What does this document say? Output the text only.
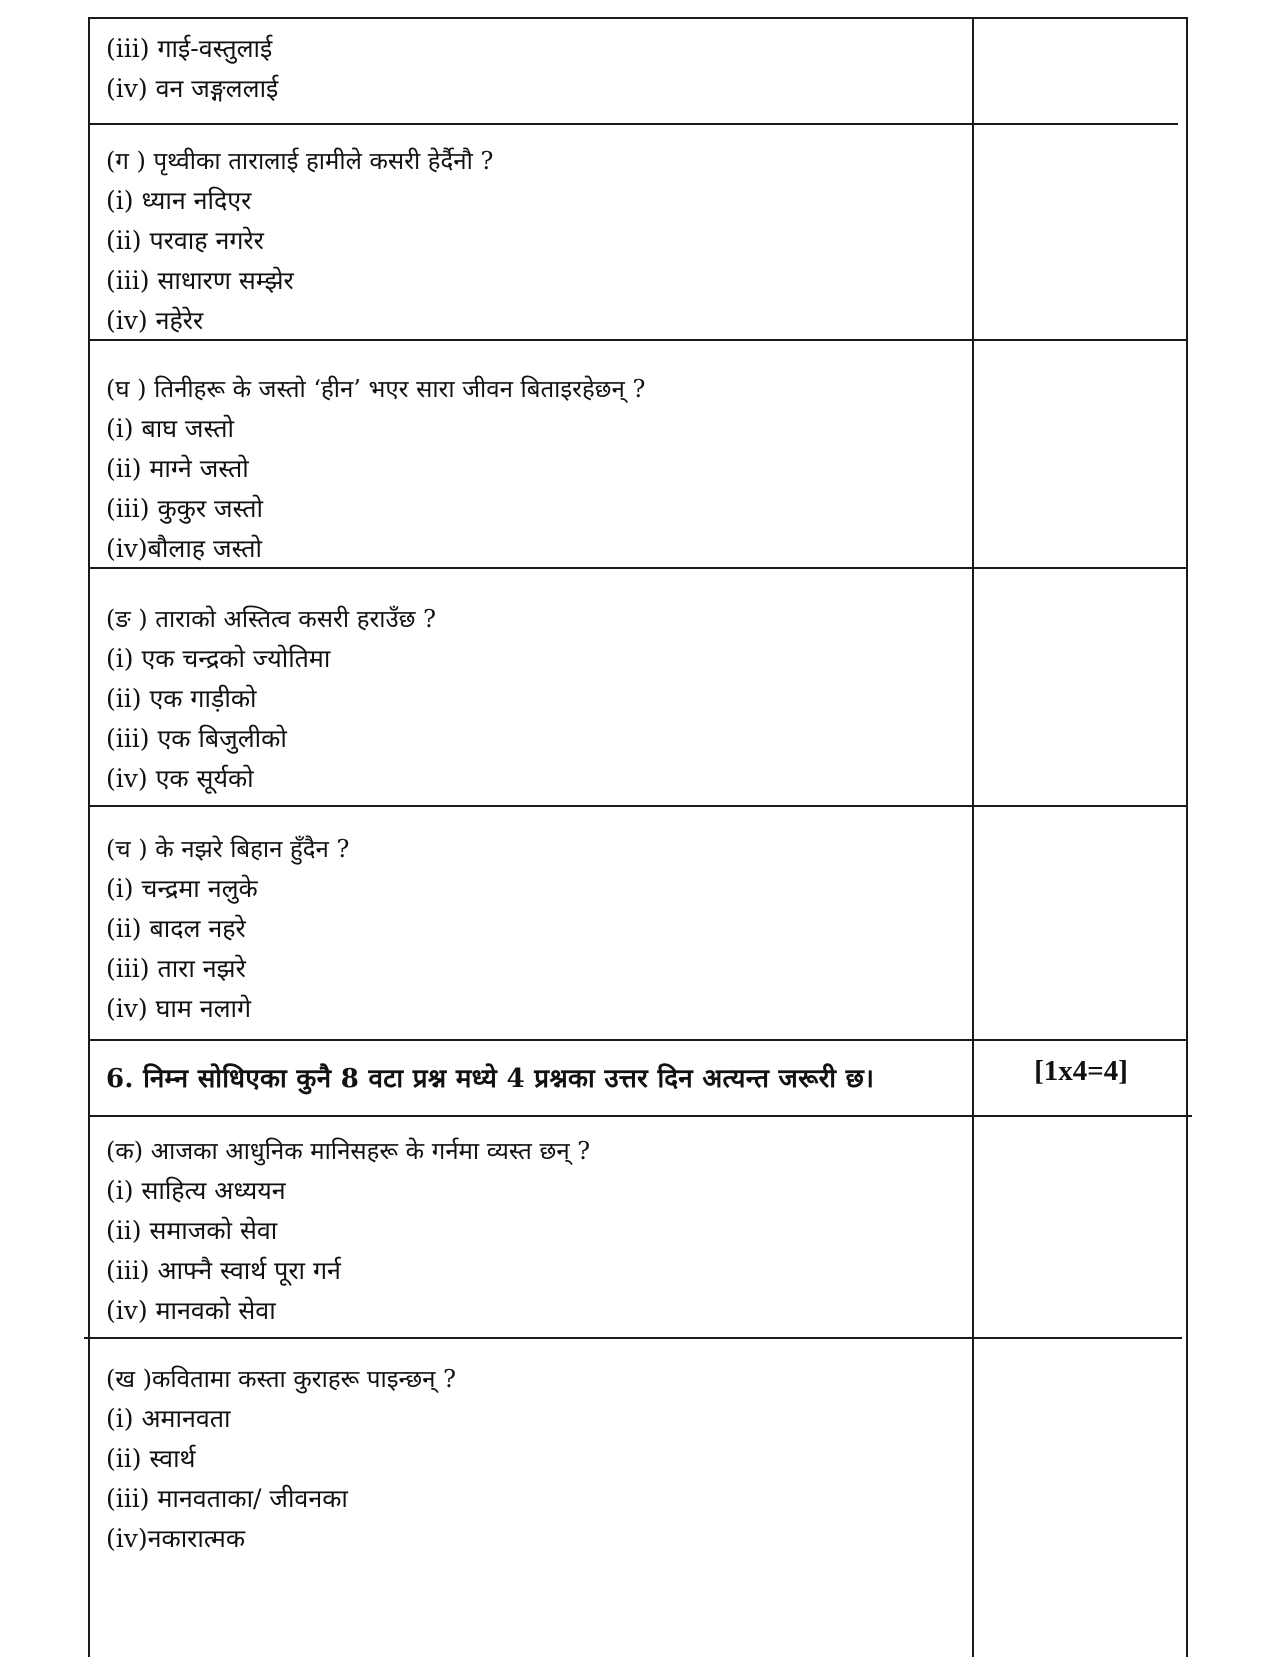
(iii) गाई-वस्तुलाई
(iv) वन जङ्गललाई
(ग ) पृथ्वीका तारालाई हामीले कसरी हेर्दैनौ ?
(i) ध्यान नदिएर
(ii) परवाह नगरेर
(iii) साधारण सम्झेर
(iv) नहेरेर
(घ ) तिनीहरू के जस्तो ‘हीन’ भएर सारा जीवन बिताइरहेछन् ?
(i) बाघ जस्तो
(ii) माग्ने जस्तो
(iii) कुकुर जस्तो
(iv)बौलाह जस्तो
(ङ ) ताराको अस्तित्व कसरी हराउँछ ?
(i) एक चन्द्रको ज्योतिमा
(ii) एक गाड़ीको
(iii) एक बिजुलीको
(iv) एक सूर्यको
(च ) के नझरे बिहान हुँदैन ?
(i) चन्द्रमा नलुके
(ii) बादल नहरे
(iii) तारा नझरे
(iv) घाम नलागे
6. निम्न सोधिएका कुनै 8 वटा प्रश्न मध्ये 4 प्रश्नका उत्तर दिन अत्यन्त जरूरी छ।	[1x4=4]
(क) आजका आधुनिक मानिसहरू के गर्नमा व्यस्त छन् ?
(i) साहित्य अध्ययन
(ii) समाजको सेवा
(iii) आफ्नै स्वार्थ पूरा गर्न
(iv) मानवको सेवा
(ख )कवितामा कस्ता कुराहरू पाइन्छन् ?
(i) अमानवता
(ii) स्वार्थ
(iii) मानवताका/ जीवनका
(iv)नकारात्मक
